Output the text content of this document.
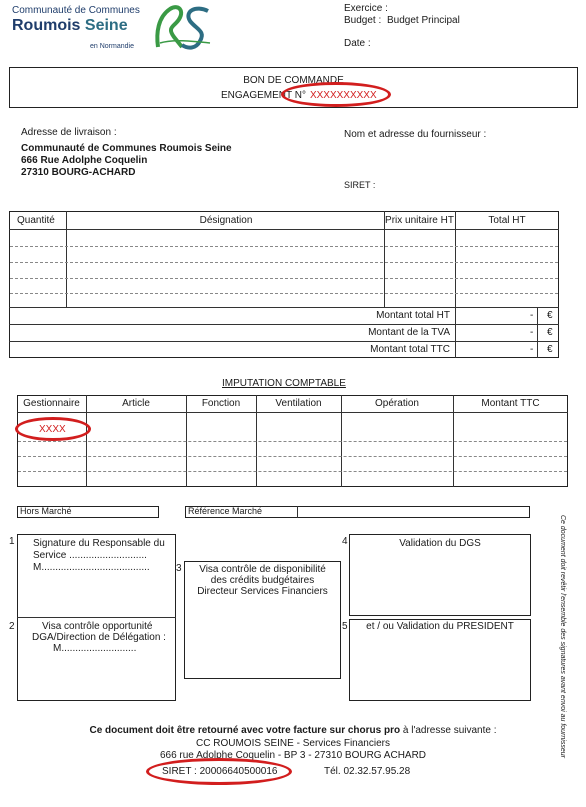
Communauté de Communes
Roumois Seine
en Normandie
Exercice :
Budget : Budget Principal
Date :
BON DE COMMANDE
ENGAGEMENT N° XXXXXXXXXX
Adresse de livraison :
Communauté de Communes Roumois Seine
666 Rue Adolphe Coquelin
27310 BOURG-ACHARD
Nom et adresse du fournisseur :
SIRET :
Quantité	Désignation	Prix unitaire HT	Total HT
Montant total HT	- €
Montant de la TVA	- €
Montant total TTC	- €
IMPUTATION COMPTABLE
Gestionnaire	Article	Fonction	Ventilation	Opération	Montant TTC
XXXX
Hors Marché	Référence Marché
1 Signature du Responsable du
Service ............................
M.......................................
2	Visa contrôle opportunité
DGA/Direction de Délégation :
M...........................
3	Visa contrôle de disponibilité
des crédits budgétaires
Directeur Services Financiers
4	Validation du DGS
5	et / ou Validation du PRESIDENT	Ce document doit revêtir l'ensemble des signatures avant envoi au fournisseur
Ce document doit être retourné avec votre facture sur chorus pro à l'adresse suivante :
CC ROUMOIS SEINE - Services Financiers
666 rue Adolphe Coquelin - BP 3 - 27310 BOURG ACHARD
SIRET : 20006640500016	Tél. 02.32.57.95.28
